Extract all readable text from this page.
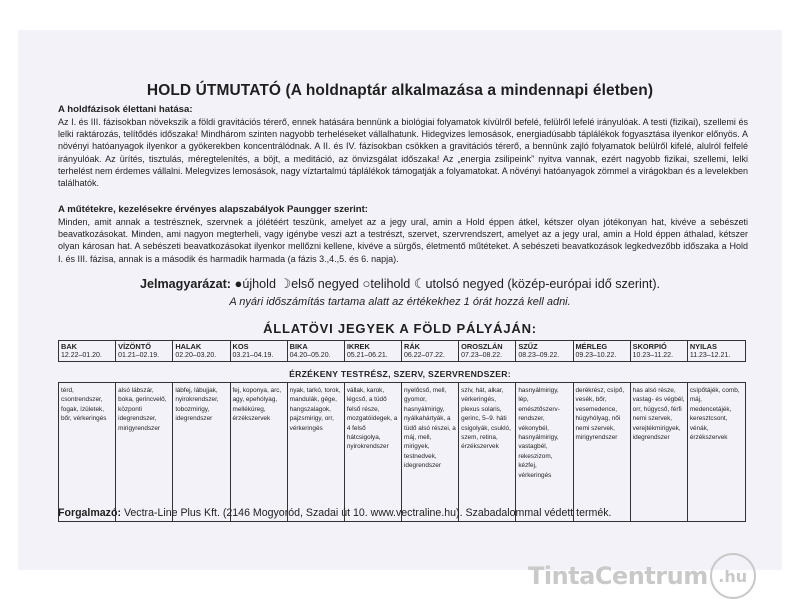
HOLD ÚTMUTATÓ (A holdnaptár alkalmazása a mindennapi életben)
A holdfázisok élettani hatása:
Az I. és III. fázisokban növekszik a földi gravitációs térerő, ennek hatására bennünk a biológiai folyamatok kívülről befelé, felülről lefelé irányulóak. A testi (fizikai), szellemi és lelki raktározás, telítődés időszaka! Mindhárom szinten nagyobb terheléseket vállalhatunk. Hidegvizes lemosások, energiadúsabb táplálékok fogyasztása ilyenkor előnyös. A növényi hatóanyagok ilyenkor a gyökerekben koncentrálódnak. A II. és IV. fázisokban csökken a gravitációs térerő, a bennünk zajló folyamatok belülről kifelé, alulról felfelé irányulóak. Az ürítés, tisztulás, méregtelenítés, a böjt, a meditáció, az önvizsgálat időszaka! Az „energia zsilipeink” nyitva vannak, ezért nagyobb fizikai, szellemi, lelki terhelést nem érdemes vállalni. Melegvizes lemosások, nagy víztartalmú táplálékok támogatják a folyamatokat. A növényi hatóanyagok zömmel a virágokban és a levelekben találhatók.
A műtétekre, kezelésekre érvényes alapszabályok Paungger szerint:
Minden, amit annak a testrésznek, szervnek a jólétéért teszünk, amelyet az a jegy ural, amin a Hold éppen átkel, kétszer olyan jótékonyan hat, kivéve a sebészeti beavatkozásokat. Minden, ami nagyon megterheli, vagy igénybe veszi azt a testrészt, szervet, szervrendszert, amelyet az a jegy ural, amin a Hold éppen áthalad, kétszer olyan károsan hat. A sebészeti beavatkozásokat ilyenkor mellőzni kellene, kivéve a sürgős, életmentő műtéteket. A sebészeti beavatkozások legkedvezőbb időszaka a Hold I. és III. fázisa, annak is a második és harmadik harmada (a fázis 3.,4.,5. és 6. napja).
Jelmagyarázat: ●újhold ☽első negyed ○telihold ☾utolsó negyed (közép-európai idő szerint).
A nyári időszámítás tartama alatt az értékekhez 1 órát hozzá kell adni.
ÁLLATÖVI JEGYEK A FÖLD PÁLYÁJÁN:
BAK
12.22–01.20.
VÍZÖNTŐ
01.21–02.19.
HALAK
02.20–03.20.
KOS
03.21–04.19.
BIKA
04.20–05.20.
IKREK
05.21–06.21.
RÁK
06.22–07.22.
OROSZLÁN
07.23–08.22.
SZŰZ
08.23–09.22.
MÉRLEG
09.23–10.22.
SKORPIÓ
10.23–11.22.
NYILAS
11.23–12.21.
ÉRZÉKENY TESTRÉSZ, SZERV, SZERVRENDSZER:
térd, csontrendszer, fogak, ízületek, bőr, vérkeringés
alsó lábszár, boka, gerincvelő, központi idegrendszer, mirigyrendszer
lábfej, lábujjak, nyirokrendszer, tobozmirigy, idegrendszer
fej, koponya, arc, agy, epehólyag, melléküreg, érzékszervek
nyak, tarkó, torok, mandulák, gége, hangszalagok, pajzsmirigy, orr, vérkeringés
vállak, karok, légcső, a tüdő felső része, mozgatóidegek, a 4 felső hátcsigolya, nyirokrendszer
nyelőcső, mell, gyomor, hasnyálmirigy, nyálkahártyák, a tüdő alsó részei, a máj, mell, mirigyek, testnedvek, idegrendszer
szív, hát, alkar, vérkeringés, plexus solaris, gerinc, 5–9. háti csigolyák, csukló, szem, retina, érzékszervek
hasnyálmirigy, lép, emésztőszervrendszer, vékonybél, hasnyálmirigy, vastagbél, rekeszizom, kézfej, vérkeringés
derékrész, csípő, vesék, bőr, vesemedence, húgyhólyag, női nemi szervek, mirigyrendszer
has alsó része, vastag- és végbél, orr, húgycső, férfi nemi szervek, verejtékmirigyek, idegrendszer
csípőtájék, comb, máj, medencetájék, keresztcsont, vénák, érzékszervek
Forgalmazó: Vectra-Line Plus Kft. (2146 Mogyoród, Szadai út 10. www.vectraline.hu). Szabadalommal védett termék.
TintaCentrum .hu
